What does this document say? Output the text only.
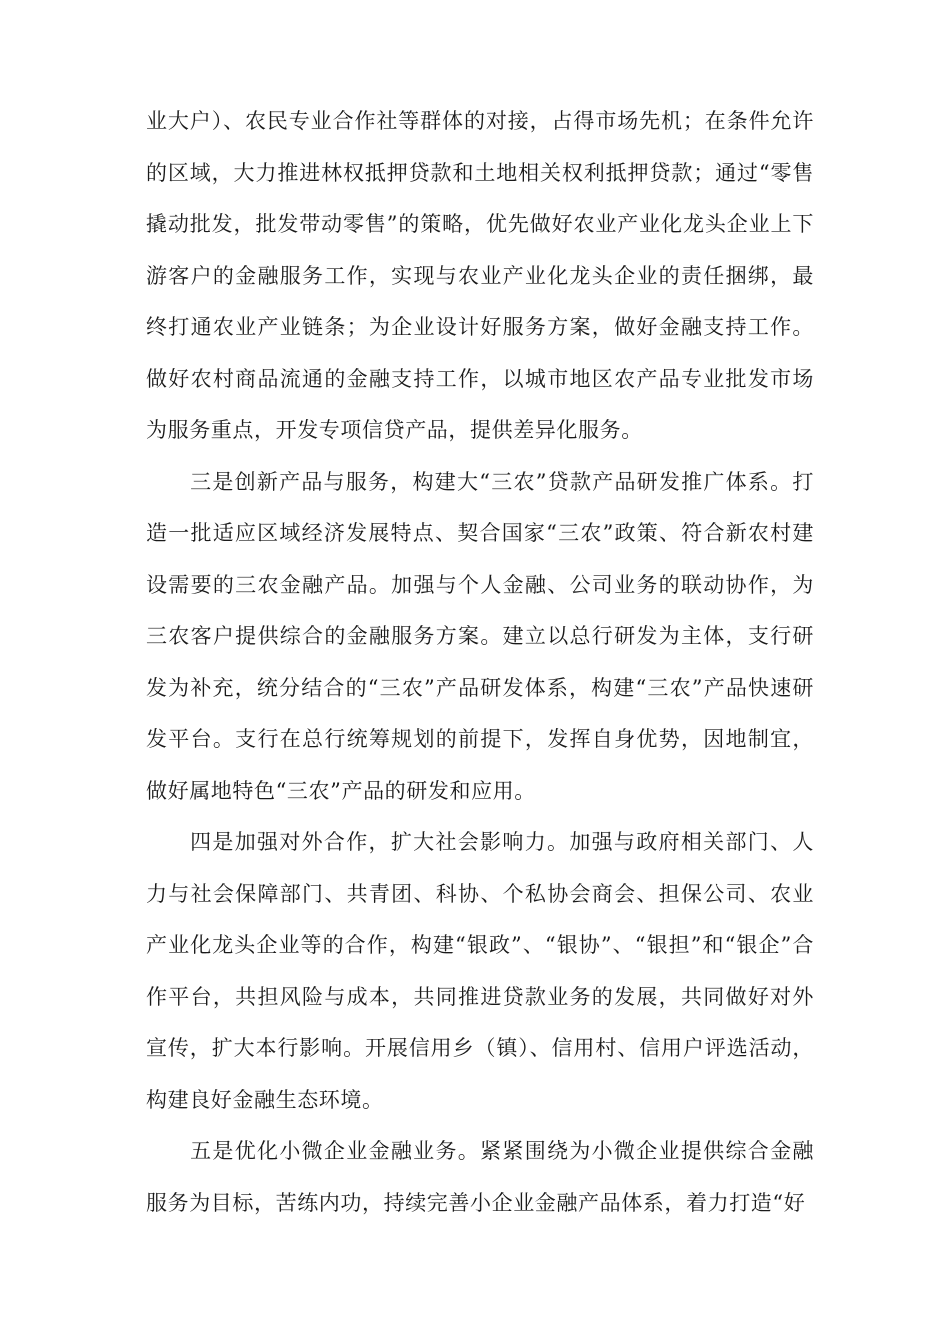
业大户）、农民专业合作社等群体的对接，占得市场先机；在条件允许的区域，大力推进林权抵押贷款和土地相关权利抵押贷款；通过“零售撬动批发，批发带动零售”的策略，优先做好农业产业化龙头企业上下游客户的金融服务工作，实现与农业产业化龙头企业的责任捆绑，最终打通农业产业链条；为企业设计好服务方案，做好金融支持工作。做好农村商品流通的金融支持工作，以城市地区农产品专业批发市场为服务重点，开发专项信贷产品，提供差异化服务。

三是创新产品与服务，构建大“三农”贷款产品研发推广体系。打造一批适应区域经济发展特点、契合国家“三农”政策、符合新农村建设需要的三农金融产品。加强与个人金融、公司业务的联动协作，为三农客户提供综合的金融服务方案。建立以总行研发为主体，支行研发为补充，统分结合的“三农”产品研发体系，构建“三农”产品快速研发平台。支行在总行统筹规划的前提下，发挥自身优势，因地制宜，做好属地特色“三农”产品的研发和应用。

四是加强对外合作，扩大社会影响力。加强与政府相关部门、人力与社会保障部门、共青团、科协、个私协会商会、担保公司、农业产业化龙头企业等的合作，构建“银政”、“银协”、“银担”和“银企”合作平台，共担风险与成本，共同推进贷款业务的发展，共同做好对外宣传，扩大本行影响。开展信用乡（镇）、信用村、信用户评选活动，构建良好金融生态环境。

五是优化小微企业金融业务。紧紧围绕为小微企业提供综合金融服务为目标，苦练内功，持续完善小企业金融产品体系，着力打造“好
